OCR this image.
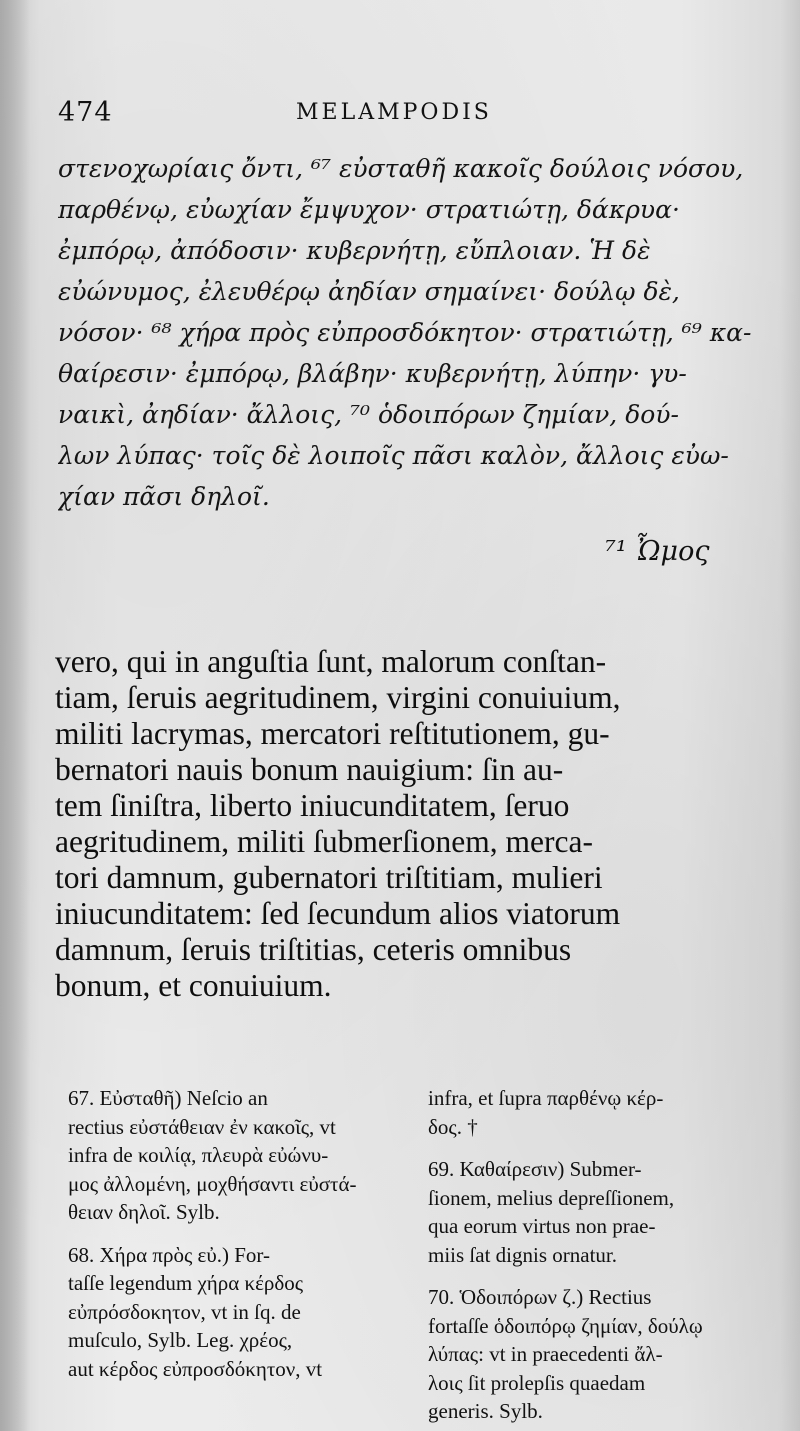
474	MELAMPODIS
στενοχωρίαις ὄντι, ⁶⁷ εὐσταθῆ κακοῖς δούλοις νόσου,
παρθένῳ, εὐωχίαν ἔμψυχον· στρατιώτῃ, δάκρυα·
ἐμπόρῳ, ἀπόδοσιν· κυβερνήτῃ, εὔπλοιαν. Ἡ δὲ
εὐώνυμος, ἐλευθέρῳ ἀηδίαν σημαίνει· δούλῳ δὲ,
νόσον· ⁶⁸ χήρα πρὸς εὐπροσδόκητον· στρατιώτῃ, ⁶⁹ κα-
θαίρεσιν· ἐμπόρῳ, βλάβην· κυβερνήτῃ, λύπην· γυ-
ναικὶ, ἀηδίαν· ἄλλοις, ⁷⁰ ὁδοιπόρων ζημίαν, δού-
λων λύπας· τοῖς δὲ λοιποῖς πᾶσι καλὸν, ἄλλοις εὐω-
χίαν πᾶσι δηλοῖ.
⁷¹ Ὦμος
vero, qui in anguſtia ſunt, malorum conſtan-
tiam, ſeruis aegritudinem, virgini conuiuium,
militi lacrymas, mercatori reſtitutionem, gu-
bernatori nauis bonum nauigium: ſin au-
tem ſiniſtra, liberto iniucunditatem, ſeruo
aegritudinem, militi ſubmerſionem, merca-
tori damnum, gubernatori triſtitiam, mulieri
iniucunditatem: ſed ſecundum alios viatorum
damnum, ſeruis triſtitias, ceteris omnibus
bonum, et conuiuium.
67. Εὐσταθῆ) Neſcio an
rectius εὐστάθειαν ἐν κακοῖς, vt
infra de κοιλίᾳ, πλευρὰ εὐώνυ-
μος ἀλλομένη, μοχθήσαντι εὐστά-
θειαν δηλοῖ. Sylb.
68. Χήρα πρὸς εὐ.) For-
taſſe legendum χήρα κέρδος
εὐπρόσδοκητον, vt in ſq. de
muſculo, Sylb. Leg. χρέος,
aut κέρδος εὐπροσδόκητον, vt
infra, et ſupra παρθένῳ κέρ-
δος. †
69. Καθαίρεσιν) Submer-
ſionem, melius depreſſionem,
qua eorum virtus non prae-
miis ſat dignis ornatur.
70. Ὁδοιπόρων ζ.) Rectius
fortaſſe ὁδοιπόρῳ ζημίαν, δούλῳ
λύπας: vt in praecedenti ἄλ-
λοις ſit prolepſis quaedam
generis. Sylb.
